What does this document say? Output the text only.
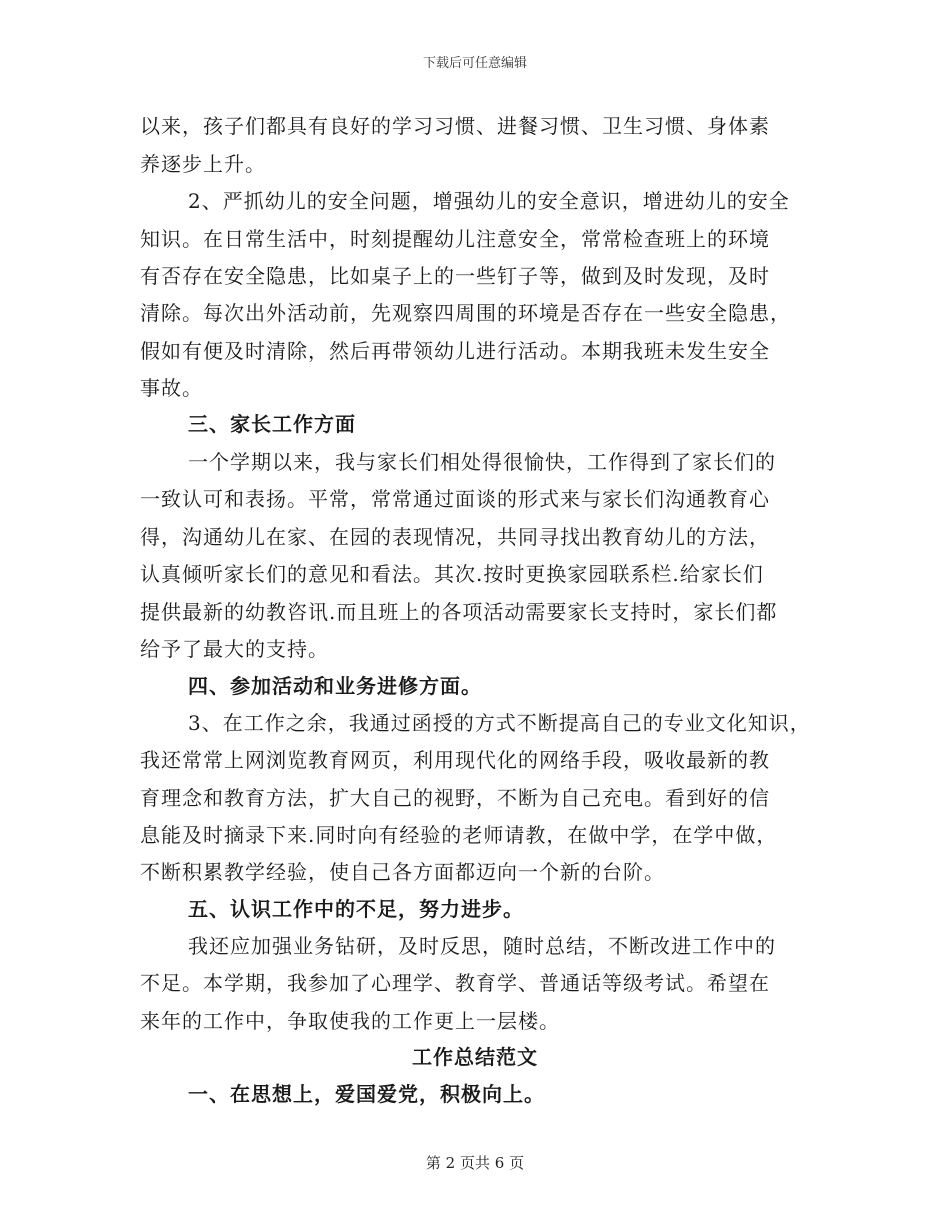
下载后可任意编辑
以来，孩子们都具有良好的学习习惯、进餐习惯、卫生习惯、身体素
养逐步上升。
2、严抓幼儿的安全问题，增强幼儿的安全意识，增进幼儿的安全
知识。在日常生活中，时刻提醒幼儿注意安全，常常检查班上的环境
有否存在安全隐患，比如桌子上的一些钉子等，做到及时发现，及时
清除。每次出外活动前，先观察四周围的环境是否存在一些安全隐患，
假如有便及时清除，然后再带领幼儿进行活动。本期我班未发生安全
事故。
三、家长工作方面
一个学期以来，我与家长们相处得很愉快，工作得到了家长们的
一致认可和表扬。平常，常常通过面谈的形式来与家长们沟通教育心
得，沟通幼儿在家、在园的表现情况，共同寻找出教育幼儿的方法，
认真倾听家长们的意见和看法。其次.按时更换家园联系栏.给家长们
提供最新的幼教咨讯.而且班上的各项活动需要家长支持时，家长们都
给予了最大的支持。
四、参加活动和业务进修方面。
3、在工作之余，我通过函授的方式不断提高自己的专业文化知识，
我还常常上网浏览教育网页，利用现代化的网络手段，吸收最新的教
育理念和教育方法，扩大自己的视野，不断为自己充电。看到好的信
息能及时摘录下来.同时向有经验的老师请教，在做中学，在学中做，
不断积累教学经验，使自己各方面都迈向一个新的台阶。
五、认识工作中的不足，努力进步。
我还应加强业务钻研，及时反思，随时总结，不断改进工作中的
不足。本学期，我参加了心理学、教育学、普通话等级考试。希望在
来年的工作中，争取使我的工作更上一层楼。
工作总结范文
一、在思想上，爱国爱党，积极向上。
第 2 页共 6 页
